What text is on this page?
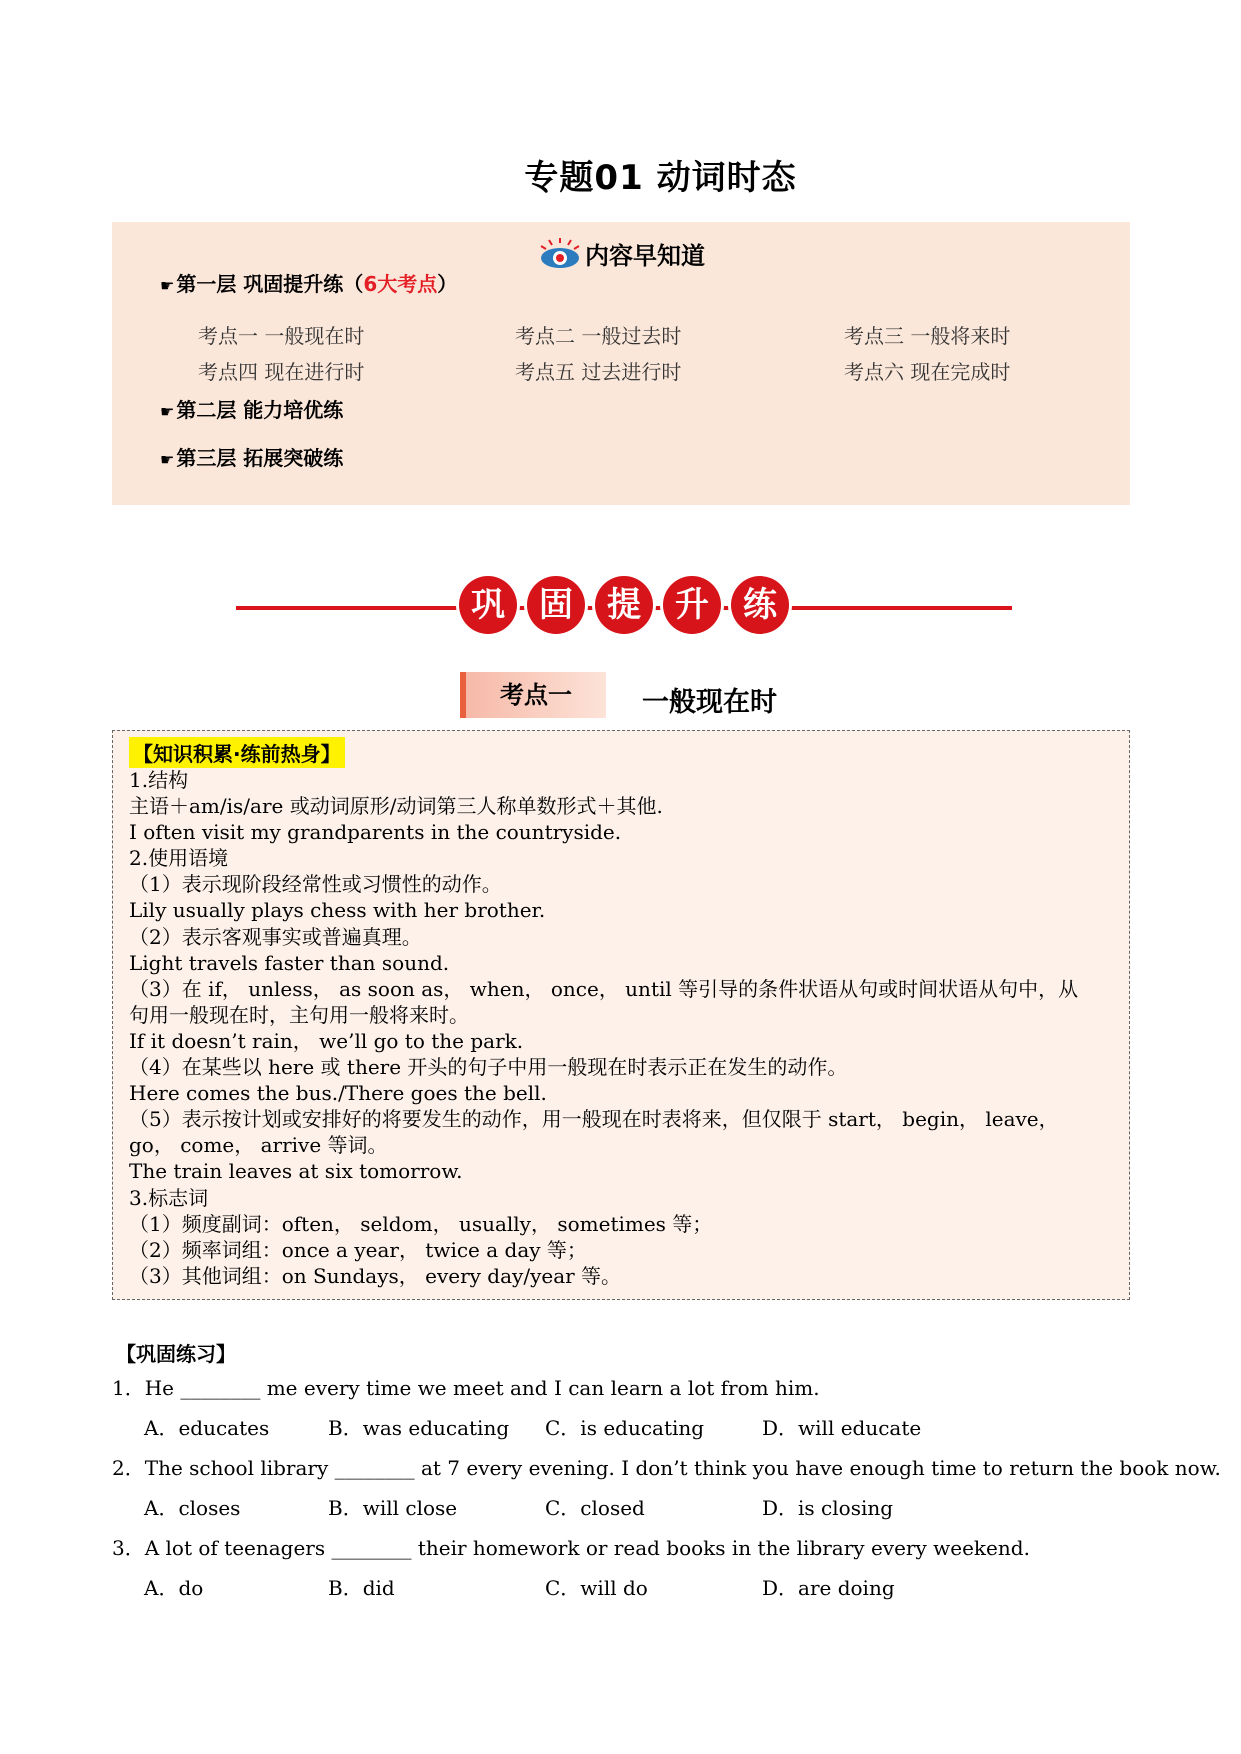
专题01 动词时态
内容早知道
☛ 第一层 巩固提升练（6大考点）
考点一 一般现在时	考点二 一般过去时	考点三 一般将来时
考点四 现在进行时	考点五 过去进行时	考点六 现在完成时
☛ 第二层 能力培优练
☛ 第三层 拓展突破练
巩 固 提 升 练
考点一	一般现在时
【知识积累·练前热身】
1.结构
主语＋am/is/are 或动词原形/动词第三人称单数形式＋其他.
I often visit my grandparents in the countryside.
2.使用语境
（1）表示现阶段经常性或习惯性的动作。
Lily usually plays chess with her brother.
（2）表示客观事实或普遍真理。
Light travels faster than sound.
（3）在 if， unless， as soon as， when， once， until 等引导的条件状语从句或时间状语从句中，从
句用一般现在时，主句用一般将来时。
If it doesn’t rain， we’ll go to the park.
（4）在某些以 here 或 there 开头的句子中用一般现在时表示正在发生的动作。
Here comes the bus./There goes the bell.
（5）表示按计划或安排好的将要发生的动作，用一般现在时表将来，但仅限于 start， begin， leave，
go， come， arrive 等词。
The train leaves at six tomorrow.
3.标志词
（1）频度副词：often， seldom， usually， sometimes 等；
（2）频率词组：once a year， twice a day 等；
（3）其他词组：on Sundays， every day/year 等。
【巩固练习】
1．He ________ me every time we meet and I can learn a lot from him.
A．educates	B．was educating C．is educating	D．will educate
2．The school library ________ at 7 every evening. I don’t think you have enough time to return the book now.
A．closes	B．will close	C．closed	D．is closing
3．A lot of teenagers ________ their homework or read books in the library every weekend.
A．do	B．did	C．will do	D．are doing
